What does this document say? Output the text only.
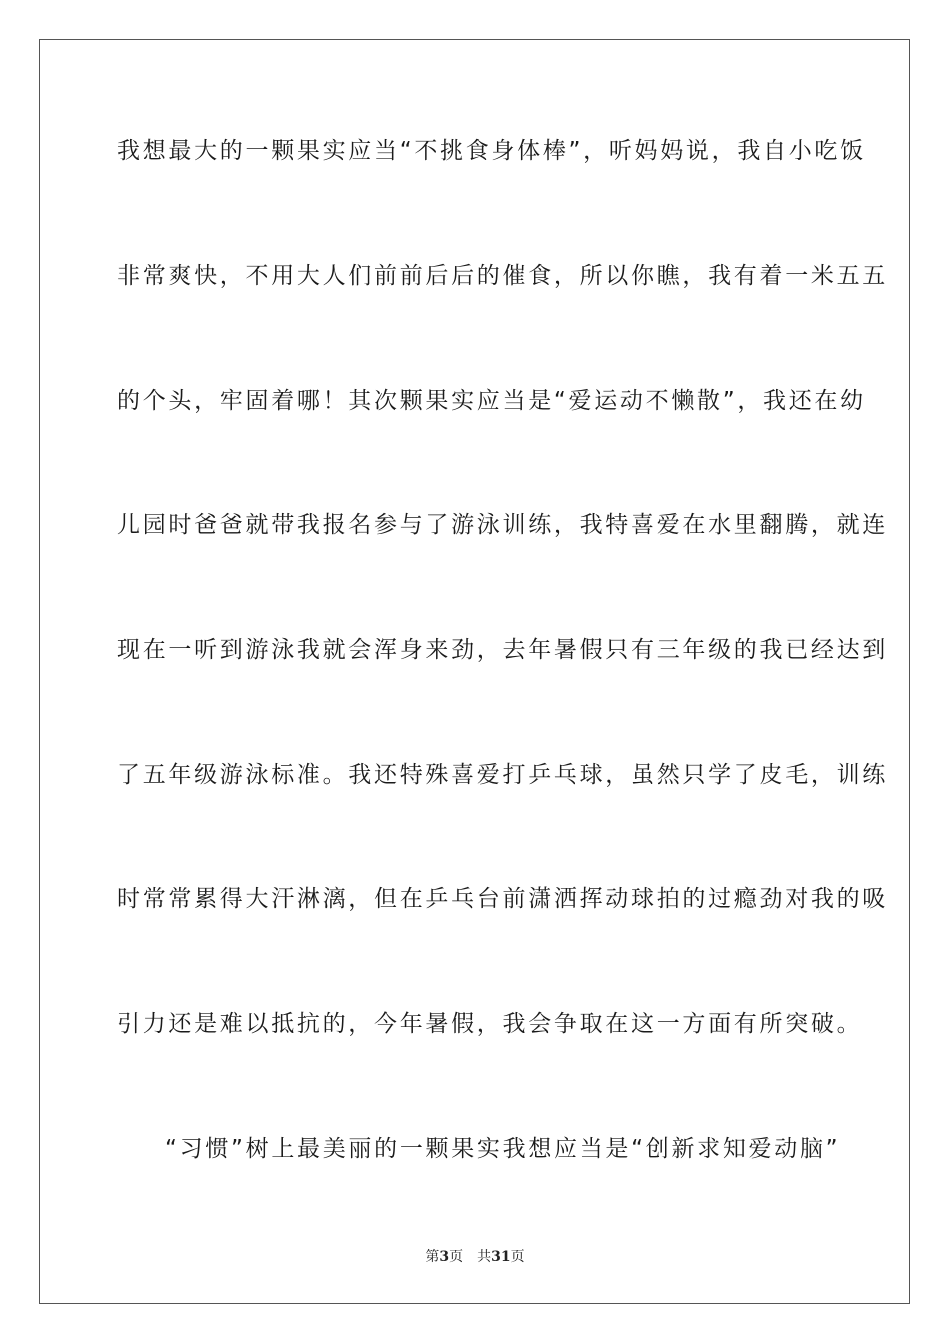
我想最大的一颗果实应当“不挑食身体棒”，听妈妈说，我自小吃饭
非常爽快，不用大人们前前后后的催食，所以你瞧，我有着一米五五
的个头，牢固着哪！其次颗果实应当是“爱运动不懒散”，我还在幼
儿园时爸爸就带我报名参与了游泳训练，我特喜爱在水里翻腾，就连
现在一听到游泳我就会浑身来劲，去年暑假只有三年级的我已经达到
了五年级游泳标准。我还特殊喜爱打乒乓球，虽然只学了皮毛，训练
时常常累得大汗淋漓，但在乒乓台前潇洒挥动球拍的过瘾劲对我的吸
引力还是难以抵抗的，今年暑假，我会争取在这一方面有所突破。
“习惯”树上最美丽的一颗果实我想应当是“创新求知爱动脑”
第3页 共31页
